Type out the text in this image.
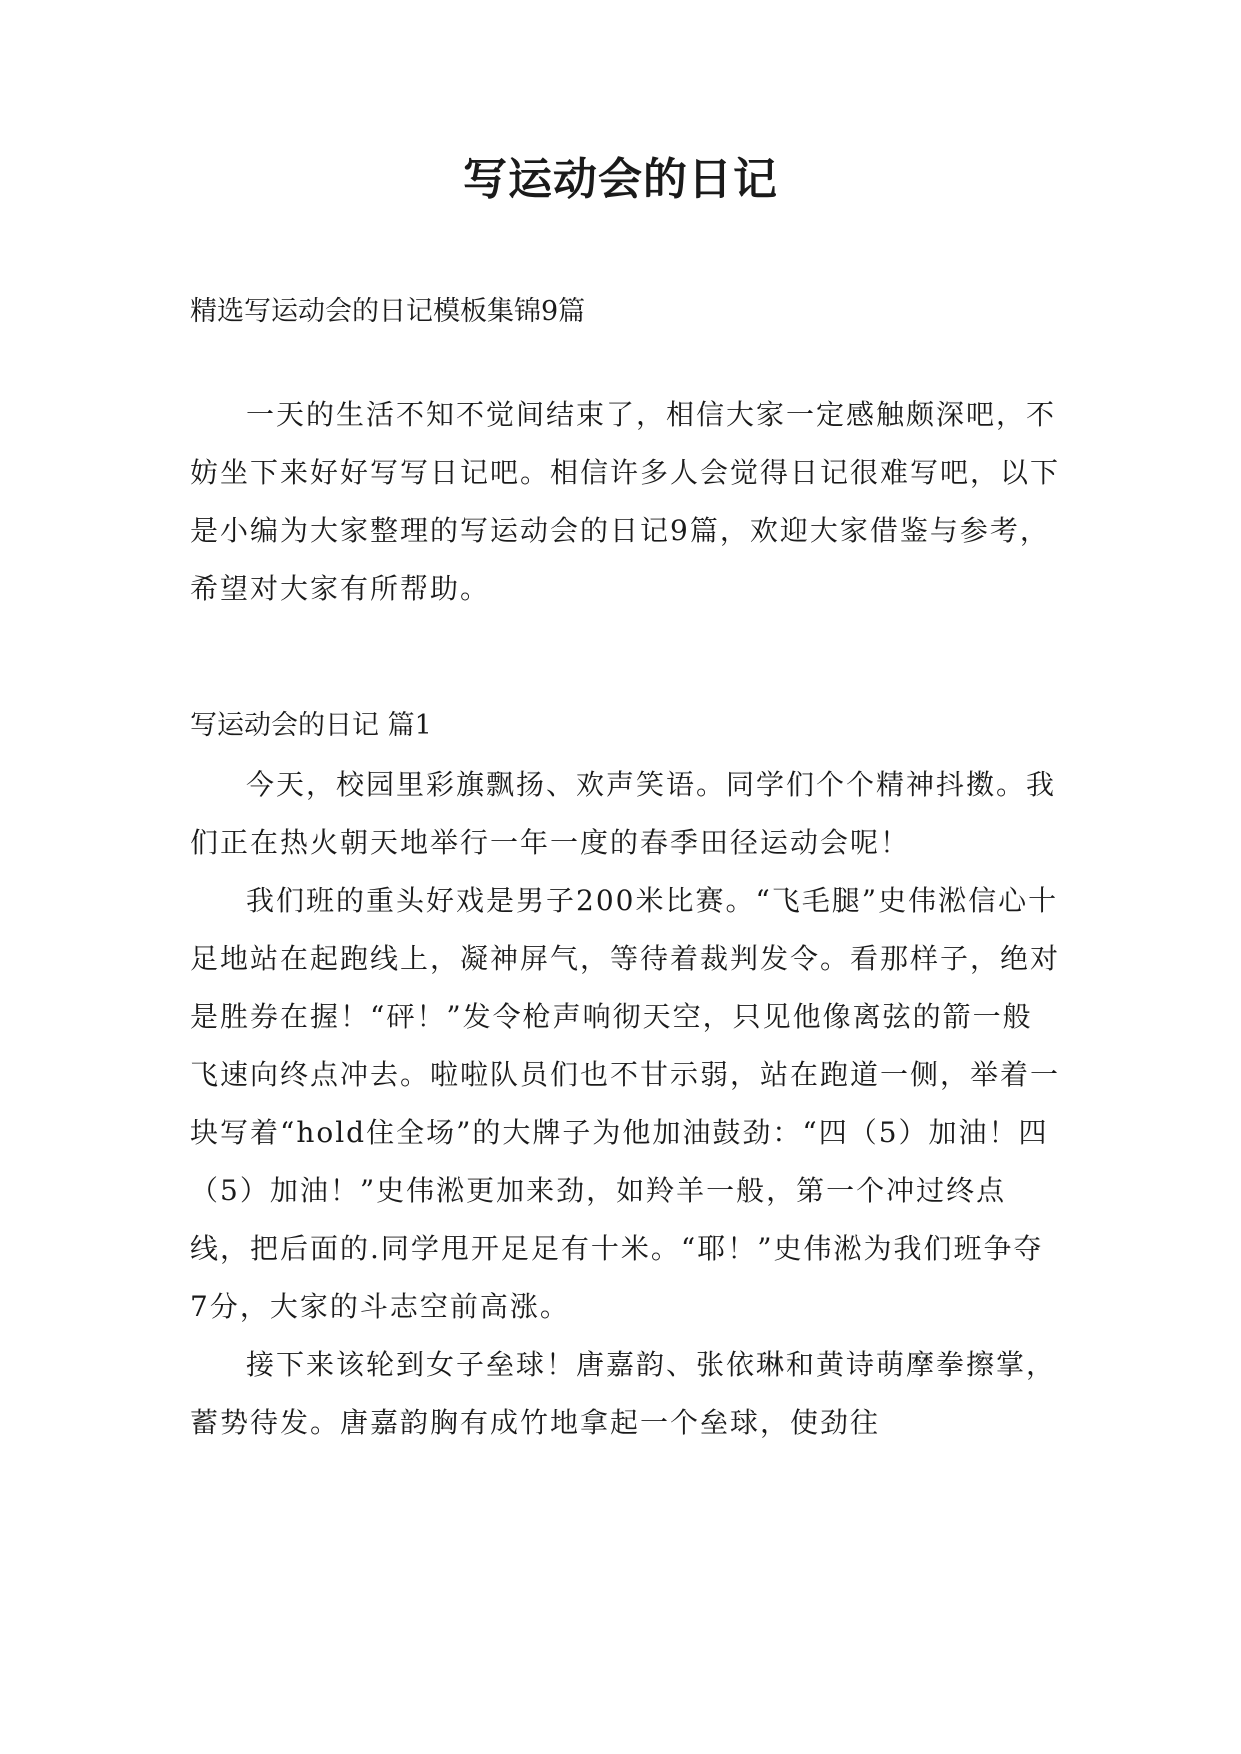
写运动会的日记
精选写运动会的日记模板集锦9篇

一天的生活不知不觉间结束了，相信大家一定感触颇深吧，不妨坐下来好好写写日记吧。相信许多人会觉得日记很难写吧，以下是小编为大家整理的写运动会的日记9篇，欢迎大家借鉴与参考，希望对大家有所帮助。

写运动会的日记 篇1

今天，校园里彩旗飘扬、欢声笑语。同学们个个精神抖擞。我们正在热火朝天地举行一年一度的春季田径运动会呢！

我们班的重头好戏是男子200米比赛。“飞毛腿”史伟淞信心十足地站在起跑线上，凝神屏气，等待着裁判发令。看那样子，绝对是胜券在握！“砰！”发令枪声响彻天空，只见他像离弦的箭一般飞速向终点冲去。啦啦队员们也不甘示弱，站在跑道一侧，举着一块写着“hold住全场”的大牌子为他加油鼓劲：“四（5）加油！四（5）加油！”史伟淞更加来劲，如羚羊一般，第一个冲过终点线，把后面的.同学甩开足足有十米。“耶！”史伟淞为我们班争夺7分，大家的斗志空前高涨。

接下来该轮到女子垒球！唐嘉韵、张依琳和黄诗萌摩拳擦掌，蓄势待发。唐嘉韵胸有成竹地拿起一个垒球，使劲往
